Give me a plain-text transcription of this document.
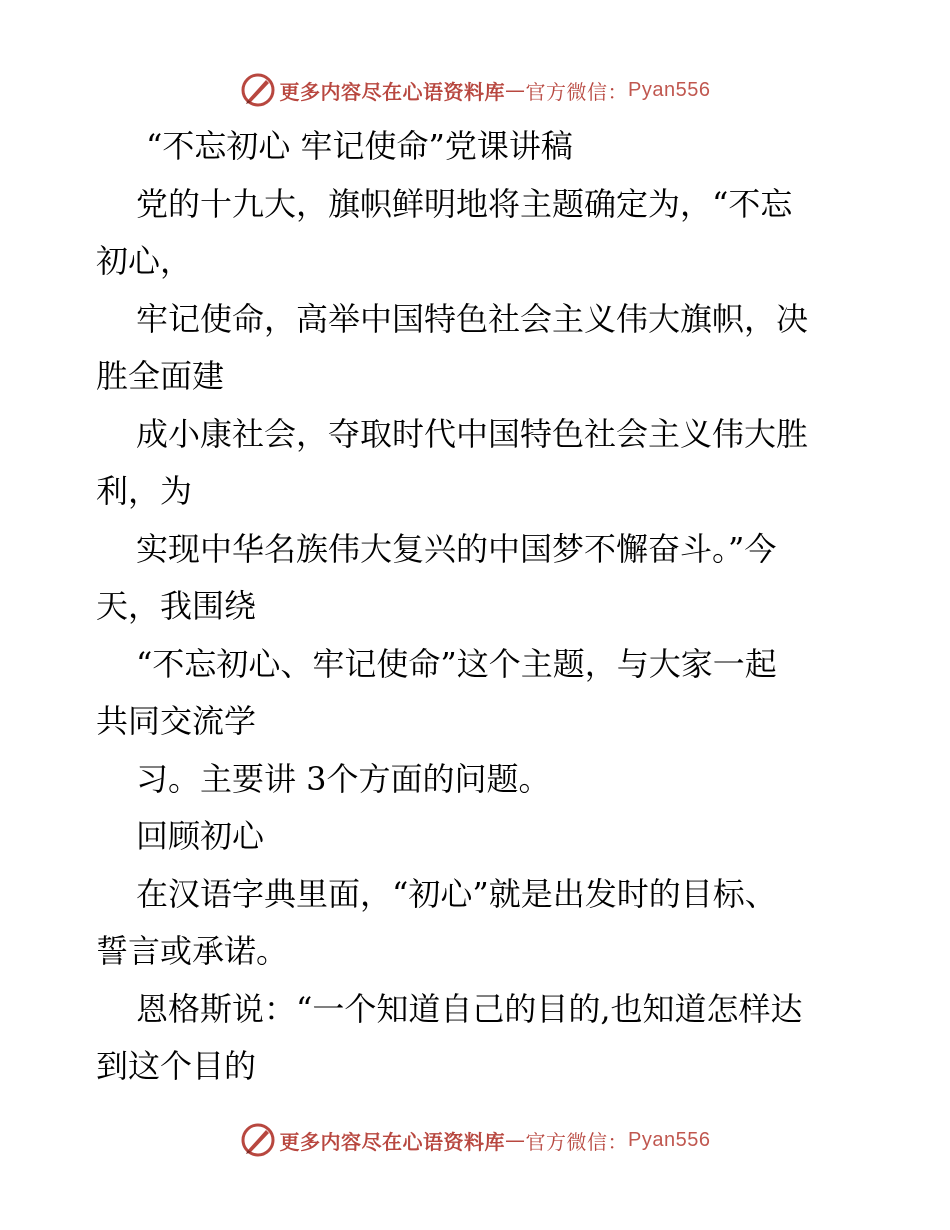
更多内容尽在心语资料库 — 官方微信： Pyan556

“不忘初心 牢记使命”党课讲稿

党的十九大，旗帜鲜明地将主题确定为，“不忘

初心，

牢记使命，高举中国特色社会主义伟大旗帜，决

胜全面建

成小康社会，夺取时代中国特色社会主义伟大胜

利，为

实现中华名族伟大复兴的中国梦不懈奋斗。”今

天，我围绕

“不忘初心、牢记使命”这个主题，与大家一起

共同交流学

习。主要讲 3个方面的问题。

回顾初心

在汉语字典里面，“初心”就是出发时的目标、

誓言或承诺。

恩格斯说：“一个知道自己的目的,也知道怎样达

到这个目的

更多内容尽在心语资料库 — 官方微信： Pyan556
